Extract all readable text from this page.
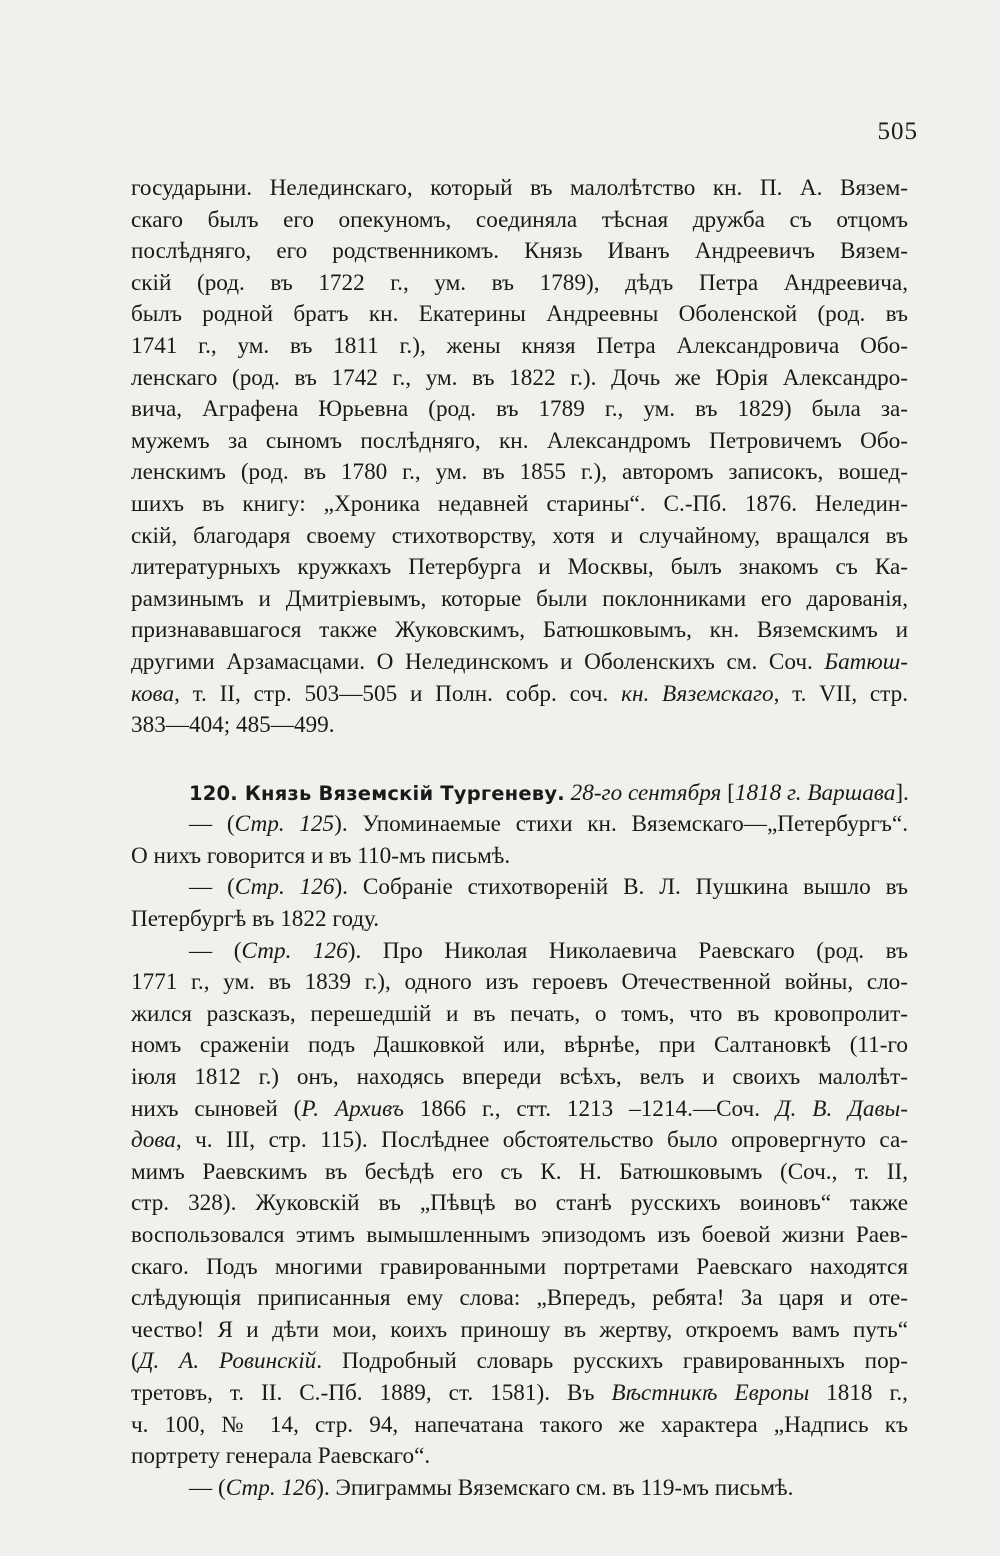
505
государыни. Нелединскаго, который въ малолѣтство кн. П. А. Вязем-
скаго былъ его опекуномъ, соединяла тѣсная дружба съ отцомъ
послѣдняго, его родственникомъ. Князь Иванъ Андреевичъ Вязем-
скій (род. въ 1722 г., ум. въ 1789), дѣдъ Петра Андреевича,
былъ родной братъ кн. Екатерины Андреевны Оболенской (род. въ
1741 г., ум. въ 1811 г.), жены князя Петра Александровича Обо-
ленскаго (род. въ 1742 г., ум. въ 1822 г.). Дочь же Юрія Александро-
вича, Аграфена Юрьевна (род. въ 1789 г., ум. въ 1829) была за-
мужемъ за сыномъ послѣдняго, кн. Александромъ Петровичемъ Обо-
ленскимъ (род. въ 1780 г., ум. въ 1855 г.), авторомъ записокъ, вошед-
шихъ въ книгу: „Хроника недавней старины“. С.-Пб. 1876. Неледин-
скій, благодаря своему стихотворству, хотя и случайному, вращался въ
литературныхъ кружкахъ Петербурга и Москвы, былъ знакомъ съ Ка-
рамзинымъ и Дмитріевымъ, которые были поклонниками его дарованія,
признававшагося также Жуковскимъ, Батюшковымъ, кн. Вяземскимъ и
другими Арзамасцами. О Нелединскомъ и Оболенскихъ см. Соч. Батюш-
кова, т. II, стр. 503—505 и Полн. собр. соч. кн. Вяземскаго, т. VII, стр.
383—404; 485—499.
120. Князь Вяземскій Тургеневу. 28-го сентября [1818 г. Варшава].
— (Стр. 125). Упоминаемые стихи кн. Вяземскаго—„Петербургъ“.
О нихъ говорится и въ 110-мъ письмѣ.
— (Стр. 126). Собраніе стихотвореній В. Л. Пушкина вышло въ
Петербургѣ въ 1822 году.
— (Стр. 126). Про Николая Николаевича Раевскаго (род. въ
1771 г., ум. въ 1839 г.), одного изъ героевъ Отечественной войны, сло-
жился разсказъ, перешедшій и въ печать, о томъ, что въ кровопролит-
номъ сраженіи подъ Дашковкой или, вѣрнѣе, при Салтановкѣ (11-го
іюля 1812 г.) онъ, находясь впереди всѣхъ, велъ и своихъ малолѣт-
нихъ сыновей (Р. Архивъ 1866 г., стт. 1213 –1214.—Соч. Д. В. Давы-
дова, ч. III, стр. 115). Послѣднее обстоятельство было опровергнуто са-
мимъ Раевскимъ въ бесѣдѣ его съ К. Н. Батюшковымъ (Соч., т. II,
стр. 328). Жуковскій въ „Пѣвцѣ во станѣ русскихъ воиновъ“ также
воспользовался этимъ вымышленнымъ эпизодомъ изъ боевой жизни Раев-
скаго. Подъ многими гравированными портретами Раевскаго находятся
слѣдующія приписанныя ему слова: „Впередъ, ребята! За царя и оте-
чество! Я и дѣти мои, коихъ приношу въ жертву, откроемъ вамъ путь“
(Д. А. Ровинскій. Подробный словарь русскихъ гравированныхъ пор-
третовъ, т. II. С.-Пб. 1889, ст. 1581). Въ Вѣстникѣ Европы 1818 г.,
ч. 100, № 14, стр. 94, напечатана такого же характера „Надпись къ
портрету генерала Раевскаго“.
— (Стр. 126). Эпиграммы Вяземскаго см. въ 119-мъ письмѣ.
